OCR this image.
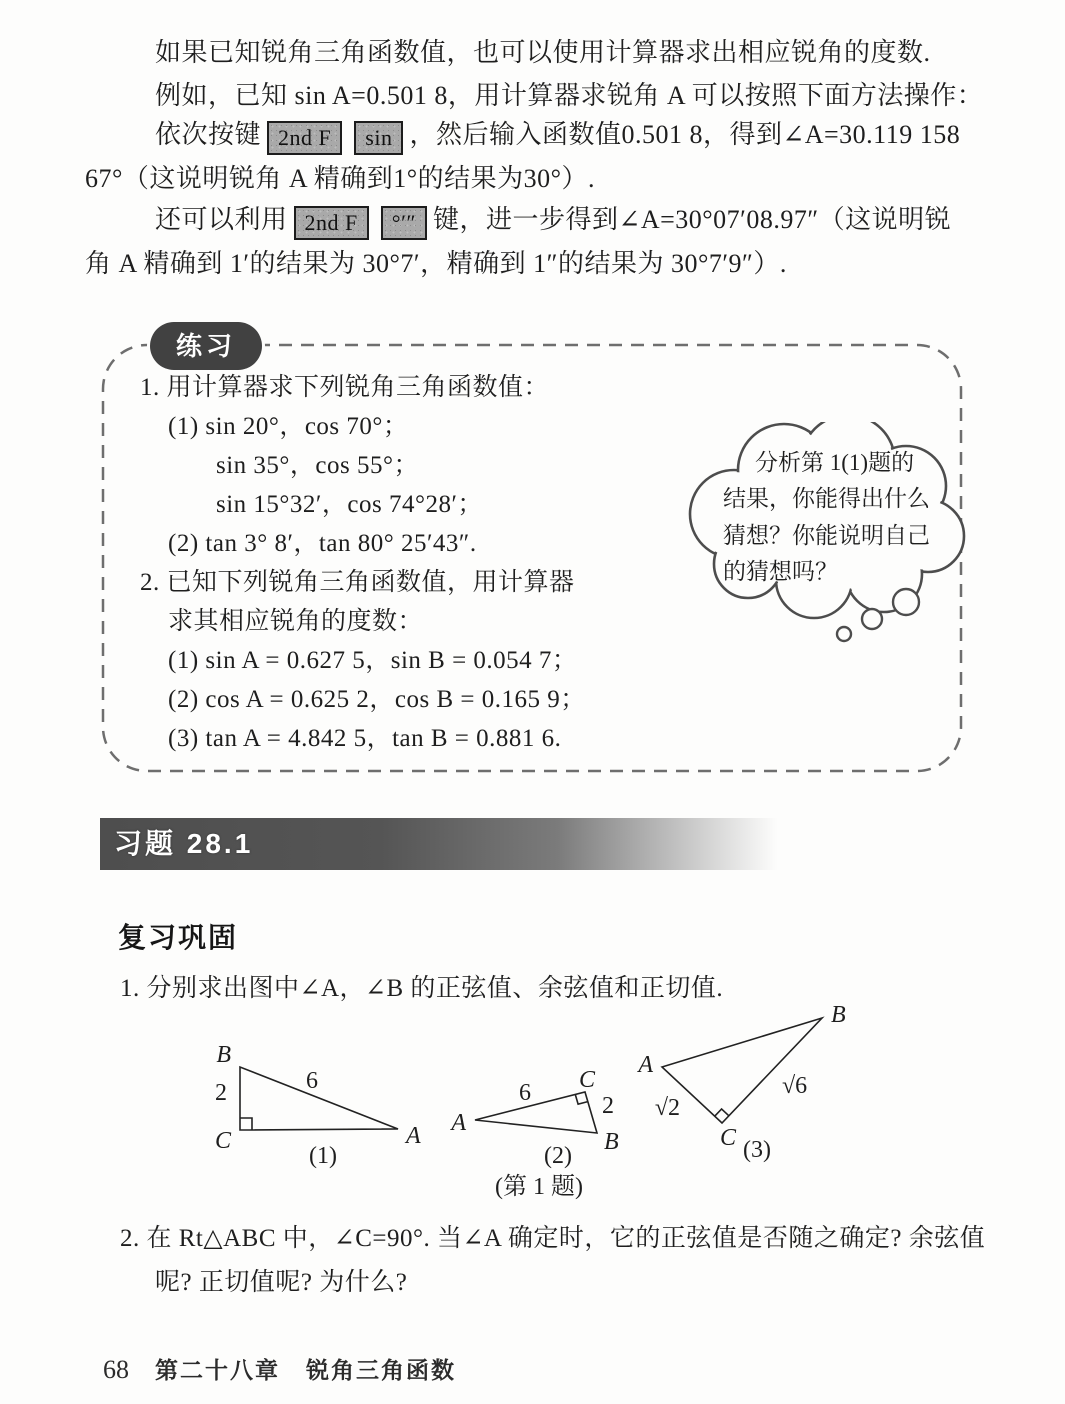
如果已知锐角三角函数值，也可以使用计算器求出相应锐角的度数.
例如，已知 sin A=0.501 8，用计算器求锐角 A 可以按照下面方法操作：
依次按键 2nd F sin ，然后输入函数值0.501 8，得到∠A=30.119 158
67°（这说明锐角 A 精确到1°的结果为30°）.
还可以利用 2nd F °′″ 键，进一步得到∠A=30°07′08.97″（这说明锐
角 A 精确到 1′的结果为 30°7′，精确到 1″的结果为 30°7′9″）.
练习
1. 用计算器求下列锐角三角函数值：
(1) sin 20°，cos 70°；
sin 35°，cos 55°；
sin 15°32′，cos 74°28′；
(2) tan 3° 8′，tan 80° 25′43″.
2. 已知下列锐角三角函数值，用计算器
求其相应锐角的度数：
(1) sin A = 0.627 5，sin B = 0.054 7；
(2) cos A = 0.625 2，cos B = 0.165 9；
(3) tan A = 4.842 5，tan B = 0.881 6.
分析第 1(1)题的
结果，你能得出什么
猜想？你能说明自己
的猜想吗？
习题 28.1
复习巩固
1. 分别求出图中∠A，∠B 的正弦值、余弦值和正切值.
B
2	6
C	A
(1)
6	2
A
C
B
(2)
A
B
C
√2
√6
(3)
(第 1 题)
2. 在 Rt△ABC 中，∠C=90°. 当∠A 确定时，它的正弦值是否随之确定? 余弦值
呢? 正切值呢? 为什么?
68 第二十八章 锐角三角函数
